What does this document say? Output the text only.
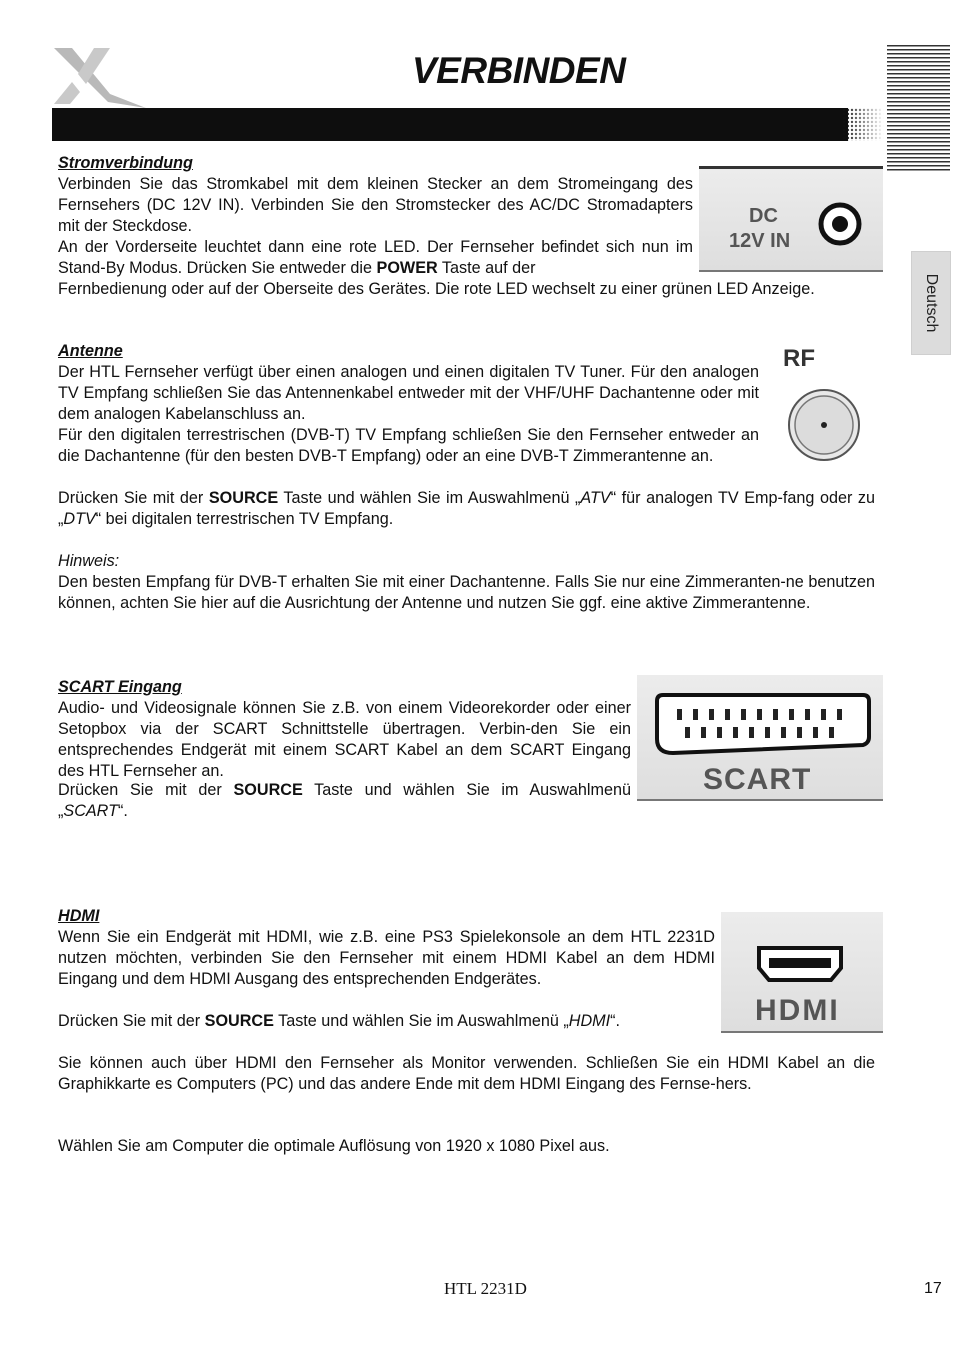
VERBINDEN
Deutsch
Stromverbindung

Verbinden Sie das Stromkabel mit dem kleinen Stecker an dem Stromeingang des Fernsehers (DC 12V IN). Verbinden Sie den Stromstecker des AC/DC Stromadapters mit der Steckdose.

An der Vorderseite leuchtet dann eine rote LED. Der Fernseher befindet sich nun im Stand-By Modus. Drücken Sie entweder die POWER Taste auf der

Fernbedienung oder auf der Oberseite des Gerätes. Die rote LED wechselt zu einer grünen LED Anzeige.

DC
12V IN
Antenne

Der HTL Fernseher verfügt über einen analogen und einen digitalen TV Tuner. Für den analogen TV Empfang schließen Sie das Antennenkabel entweder mit der VHF/UHF Dachantenne oder mit dem analogen Kabelanschluss an.

Für den digitalen terrestrischen (DVB-T) TV Empfang schließen Sie den Fernseher entweder an die Dachantenne (für den besten DVB-T Empfang) oder an eine DVB-T Zimmerantenne an.

Drücken Sie mit der SOURCE Taste und wählen Sie im Auswahlmenü „ATV“ für analogen TV Emp-fang oder zu „DTV“ bei digitalen terrestrischen TV Empfang.

RF
Hinweis:

Den besten Empfang für DVB-T erhalten Sie mit einer Dachantenne. Falls Sie nur eine Zimmeranten-ne benutzen können, achten Sie hier auf die Ausrichtung der Antenne und nutzen Sie ggf. eine aktive Zimmerantenne.

SCART Eingang

Audio- und Videosignale können Sie z.B. von einem Videorekorder oder einer Setopbox via der SCART Schnittstelle übertragen. Verbin-den Sie ein entsprechendes Endgerät mit einem SCART Kabel an dem SCART Eingang des HTL Fernseher an.

Drücken Sie mit der SOURCE Taste und wählen Sie im Auswahlmenü „SCART“.

SCART
HDMI

Wenn Sie ein Endgerät mit HDMI, wie z.B. eine PS3 Spielekonsole an dem HTL 2231D nutzen möchten, verbinden Sie den Fernseher mit einem HDMI Kabel an dem HDMI Eingang und dem HDMI Ausgang des entsprechenden Endgerätes.

Drücken Sie mit der SOURCE Taste und wählen Sie im Auswahlmenü „HDMI“.

Sie können auch über HDMI den Fernseher als Monitor verwenden. Schließen Sie ein HDMI Kabel an die Graphikkarte es Computers (PC) und das andere Ende mit dem HDMI Eingang des Fernse-hers.

Wählen Sie am Computer die optimale Auflösung von 1920 x 1080 Pixel aus.

HDMI
HTL 2231D	17
